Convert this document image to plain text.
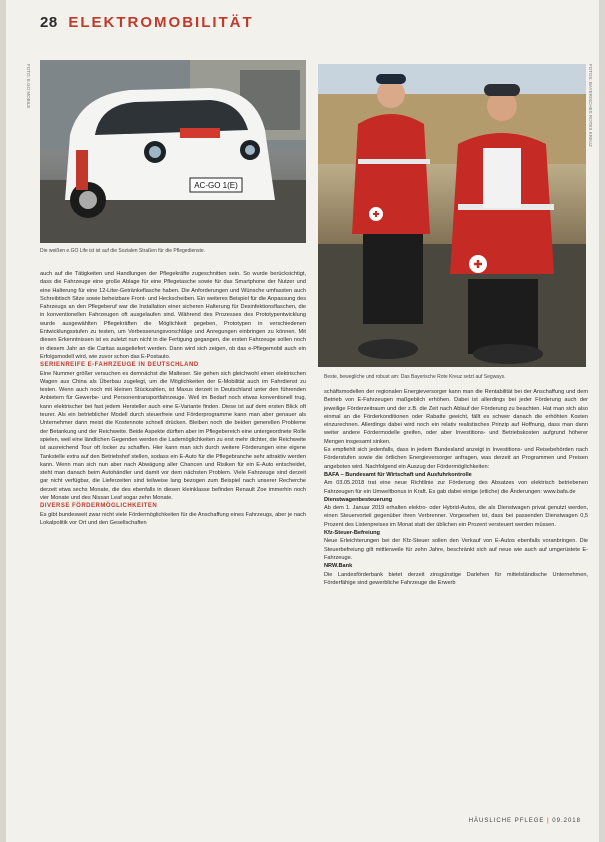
28 ELEKTROMOBILITÄT
AC-GO 1(E)
FOTO: E.GO MOBILE
Die weißen e.GO Life ist ist auf die Sozialen Straßen für die Pflegedienste.
FOTOS: BAYERISCHES ROTES KREUZ
Beste, bewegliche und robust am: Das Bayerische Rote Kreuz setzt auf Segways.

auch auf die Tätigkeiten und Handlungen der Pflegekräfte zugeschnitten sein. So wurde berücksichtigt, dass die Fahrzeuge eine große Ablage für eine Pflegetasche sowie für das Smartphone der Nutzer und eine Halterung für eine 12-Liter-Getränkeflasche haben. Die Anforderungen und Wünsche umfassten auch Schreibtisch Sitze sowie beheizbare Front- und Heckscheiben. Ein weiteres Beispiel für die Anpassung des Fahrzeugs an den Pflegeberuf war die Installation einer sicheren Halterung für Desinfektionsflaschen, die in konventionellen Fahrzeugen oft ausgelaufen sind. Während des Prozesses des Prototypentwicklung wurde ausgewählten Pflegekräften die Möglichkeit gegeben, Prototypen in verschiedenen Entwicklungsstufen zu testen, um Verbesserungsvorschläge und Anregungen einbringen zu können. Mit diesen Erkenntnissen ist es zuletzt nun nicht in die Fertigung gegangen, die ersten Fahrzeuge sollen noch in diesem Jahr an die Caritas ausgeliefert werden. Dann wird sich zeigen, ob das e-Pflegemobil auch ein Erfolgsmodell wird, wie zuvor schon das E-Postauto.

SERIENREIFE E-FAHRZEUGE IN DEUTSCHLAND

Eine Nummer größer versuchen es demnächst die Malteser. Sie gehen sich gleichwohl einen elektrischen Wagen aus China als Überbau zugelegt, um die Möglichkeiten der E-Mobilität auch im Fahrdienst zu testen. Wenn auch noch mit kleinen Stückzahlen, ist Maxus derzeit in Deutschland unter den führenden Anbietern für Gewerbe- und Personentransportfahrzeuge. Weil im Bedarf noch etwas konventionell trug, kann elektrischer bei fast jedem Hersteller auch eine E-Variante finden. Diese ist auf dem ersten Blick oft teurer. Als ein betrieblicher Modell durch steuerfreie und Förderprogramme kann man aber genauer als Unternehmer dann meist die Kostennote schnell drücken. Bleiben noch die beiden generellen Probleme der Betankung und der Reichweite. Beide Aspekte dürften aber im Pflegebereich eine untergeordnete Rolle spielen, weil eine ländlichen Gegenden werden die Lademöglichkeiten zu erst mehr dichter, die Reichweite ist ausreichend Tour oft locker zu schaffen. Hier kann man sich durch weitere Förderungen eine eigene Tankstelle extra auf den Betriebshof stellen, sodass ein E-Auto für die Pflegebranche sehr attraktiv werden kann. Wenn man sich nun aber nach Abwägung aller Chancen und Risiken für ein E-Auto entscheidet, steht man danach beim Autohändler und damit vor dem nächsten Problem. Viele Fahrzeuge sind derzeit gar nicht verfügbar, die Lieferzeiten sind teilweise lang bezogen zum Beispiel nach unserer Recherche derzeit etwa sechs Monate, die des ebenfalls in diesen kleinklasse befinden Renault Zoe immerhin noch vier Monate und des Nissan Leaf sogar zehn Monate.

DIVERSE FÖRDERMÖGLICHKEITEN

Es gibt bundesweit zwar nicht viele Fördermöglichkeiten für die Anschaffung eines Fahrzeugs, aber je nach Lokalpolitik vor Ort und den Gesellschaften

schäftsmodellen der regionalen Energieversorger kann man die Rentabilität bei der Anschaffung und dem Betrieb von E-Fahrzeugen maßgeblich erhöhen. Dabei ist allerdings bei jeder Förderung auch der jeweilige Förderzeitraum und der z.B. die Zeit nach Ablauf der Förderung zu beachten. Hat man sich also einmal an die Förderkonditionen oder Rabatte geeicht, fällt es schwer danach die erhöhten Kosten einzurechnen. Allerdings dabei wird noch ein relativ realistisches Prinzip auf Hoffnung, dass man dann weiter andere Fördermodelle greifen, oder aber Investitions- und Betriebskosten aufgrund höherer Mengen insgesamt sinken.

Es empfiehlt sich jedenfalls, dass in jedem Bundesland anzeigt in Investitions- und Reisebehörden nach Förderstufen sowie die örtlichen Energieversorger anfragen, was derzeit an Programmen und Preisen angeboten wird. Nachfolgend ein Auszug der Fördermöglichkeiten:

BAFA – Bundesamt für Wirtschaft und Ausfuhrkontrolle

Am 03.05.2018 trat eine neue Richtlinie zur Förderung des Absatzes von elektrisch betriebenen Fahrzeugen für ein Umweltbonus in Kraft. Es gab dabei einige (etliche) die Änderungen: www.bafa.de

Dienstwagenbesteuerung

Ab dem 1. Januar 2019 erhalten elektro- oder Hybrid-Autos, die als Dienstwagen privat genutzt werden, einen Steuervorteil gegenüber ihren Verbrenner. Vorgesehen ist, dass bei passenden Dienstwagen 0,5 Prozent des Listenpreises im Monat statt der üblichen ein Prozent versteuert werden müssen.

Kfz-Steuer-Befreiung

Neue Erleichterungen bei der Kfz-Steuer sollen den Verkauf von E-Autos ebenfalls voranbringen. Die Steuerbefreiung gilt mittlerweile für zehn Jahre, beschränkt sich auf neue wie auch auf umgerüstete E-Fahrzeuge.

NRW.Bank

Die Landesförderbank bietet derzeit zinsgünstige Darlehen für mittelständische Unternehmen, Förderfähige sind gewerbliche Fahrzeuge die Erwerb

HÄUSLICHE PFLEGE | 09.2018
